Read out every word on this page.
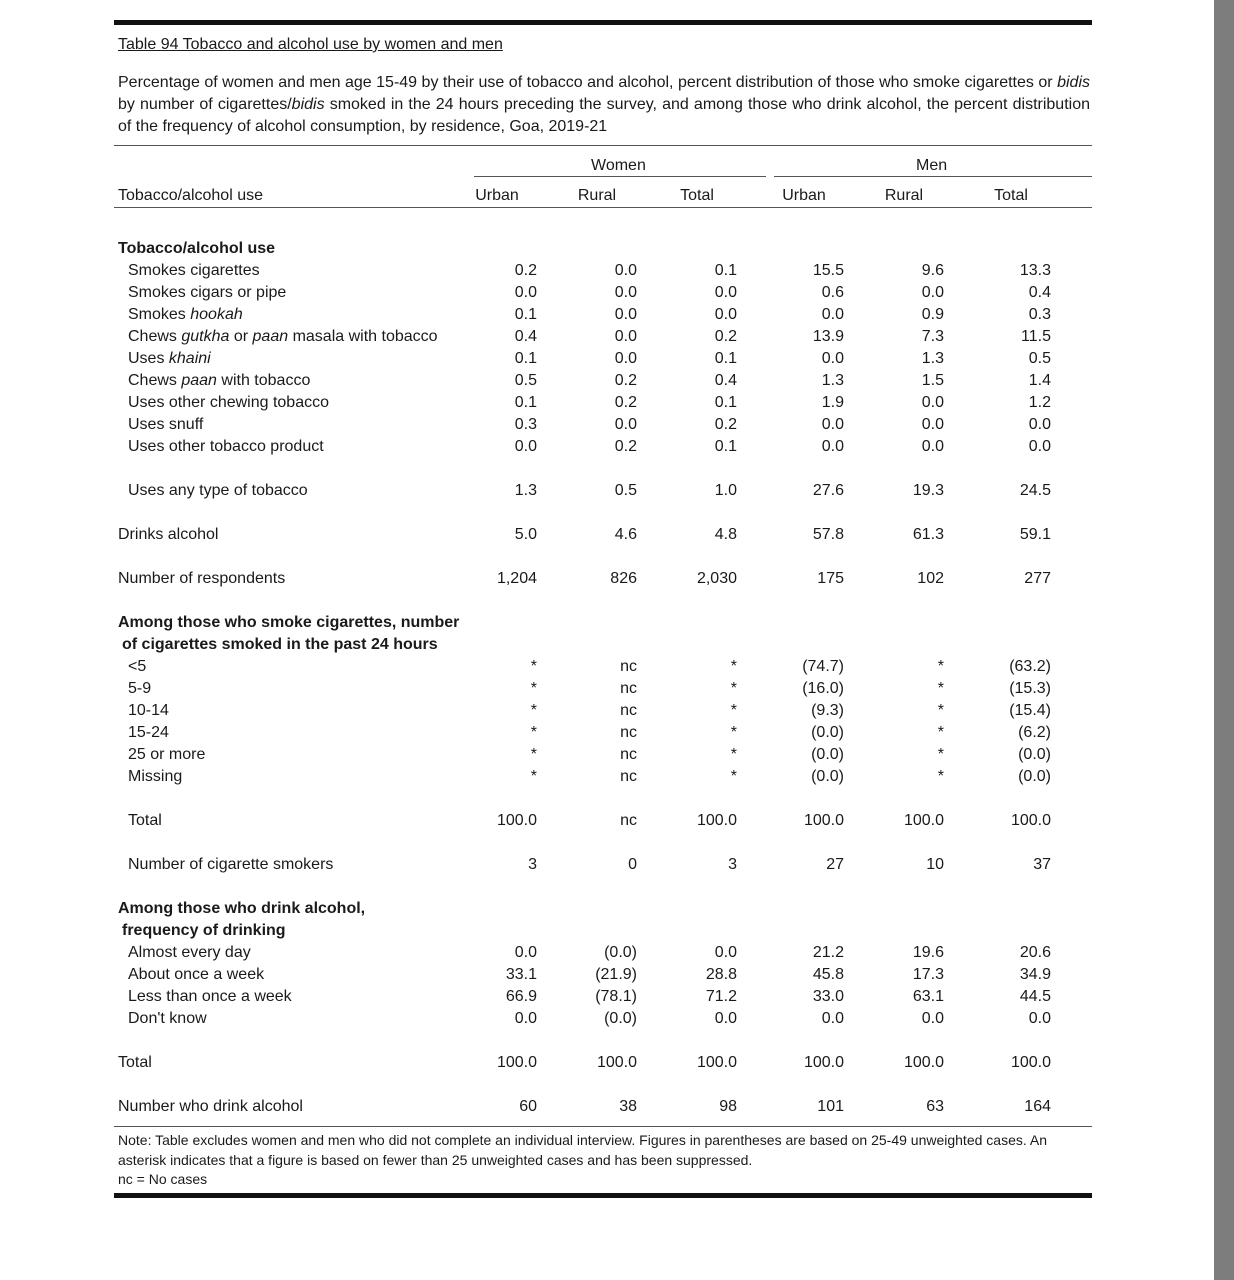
Table 94 Tobacco and alcohol use by women and men
Percentage of women and men age 15-49 by their use of tobacco and alcohol, percent distribution of those who smoke cigarettes or bidis by number of cigarettes/bidis smoked in the 24 hours preceding the survey, and among those who drink alcohol, the percent distribution of the frequency of alcohol consumption, by residence, Goa, 2019-21
Women	Men
Tobacco/alcohol use	Urban	Rural	Total	Urban	Rural	Total
Tobacco/alcohol use
Smokes cigarettes	0.2	0.0	0.1	15.5	9.6	13.3
Smokes cigars or pipe	0.0	0.0	0.0	0.6	0.0	0.4
Smokes hookah	0.1	0.0	0.0	0.0	0.9	0.3
Chews gutkha or paan masala with tobacco	0.4	0.0	0.2	13.9	7.3	11.5
Uses khaini	0.1	0.0	0.1	0.0	1.3	0.5
Chews paan with tobacco	0.5	0.2	0.4	1.3	1.5	1.4
Uses other chewing tobacco	0.1	0.2	0.1	1.9	0.0	1.2
Uses snuff	0.3	0.0	0.2	0.0	0.0	0.0
Uses other tobacco product	0.0	0.2	0.1	0.0	0.0	0.0
Uses any type of tobacco	1.3	0.5	1.0	27.6	19.3	24.5
Drinks alcohol	5.0	4.6	4.8	57.8	61.3	59.1
Number of respondents	1,204	826	2,030	175	102	277
Among those who smoke cigarettes, number
of cigarettes smoked in the past 24 hours
<5	*	nc	*	(74.7)	*	(63.2)
5-9	*	nc	*	(16.0)	*	(15.3)
10-14	*	nc	*	(9.3)	*	(15.4)
15-24	*	nc	*	(0.0)	*	(6.2)
25 or more	*	nc	*	(0.0)	*	(0.0)
Missing	*	nc	*	(0.0)	*	(0.0)
Total	100.0	nc	100.0	100.0	100.0	100.0
Number of cigarette smokers	3	0	3	27	10	37
Among those who drink alcohol,
frequency of drinking
Almost every day	0.0	(0.0)	0.0	21.2	19.6	20.6
About once a week	33.1	(21.9)	28.8	45.8	17.3	34.9
Less than once a week	66.9	(78.1)	71.2	33.0	63.1	44.5
Don't know	0.0	(0.0)	0.0	0.0	0.0	0.0
Total	100.0	100.0	100.0	100.0	100.0	100.0
Number who drink alcohol	60	38	98	101	63	164
Note: Table excludes women and men who did not complete an individual interview. Figures in parentheses are based on 25-49 unweighted cases. An asterisk indicates that a figure is based on fewer than 25 unweighted cases and has been suppressed.
nc = No cases
